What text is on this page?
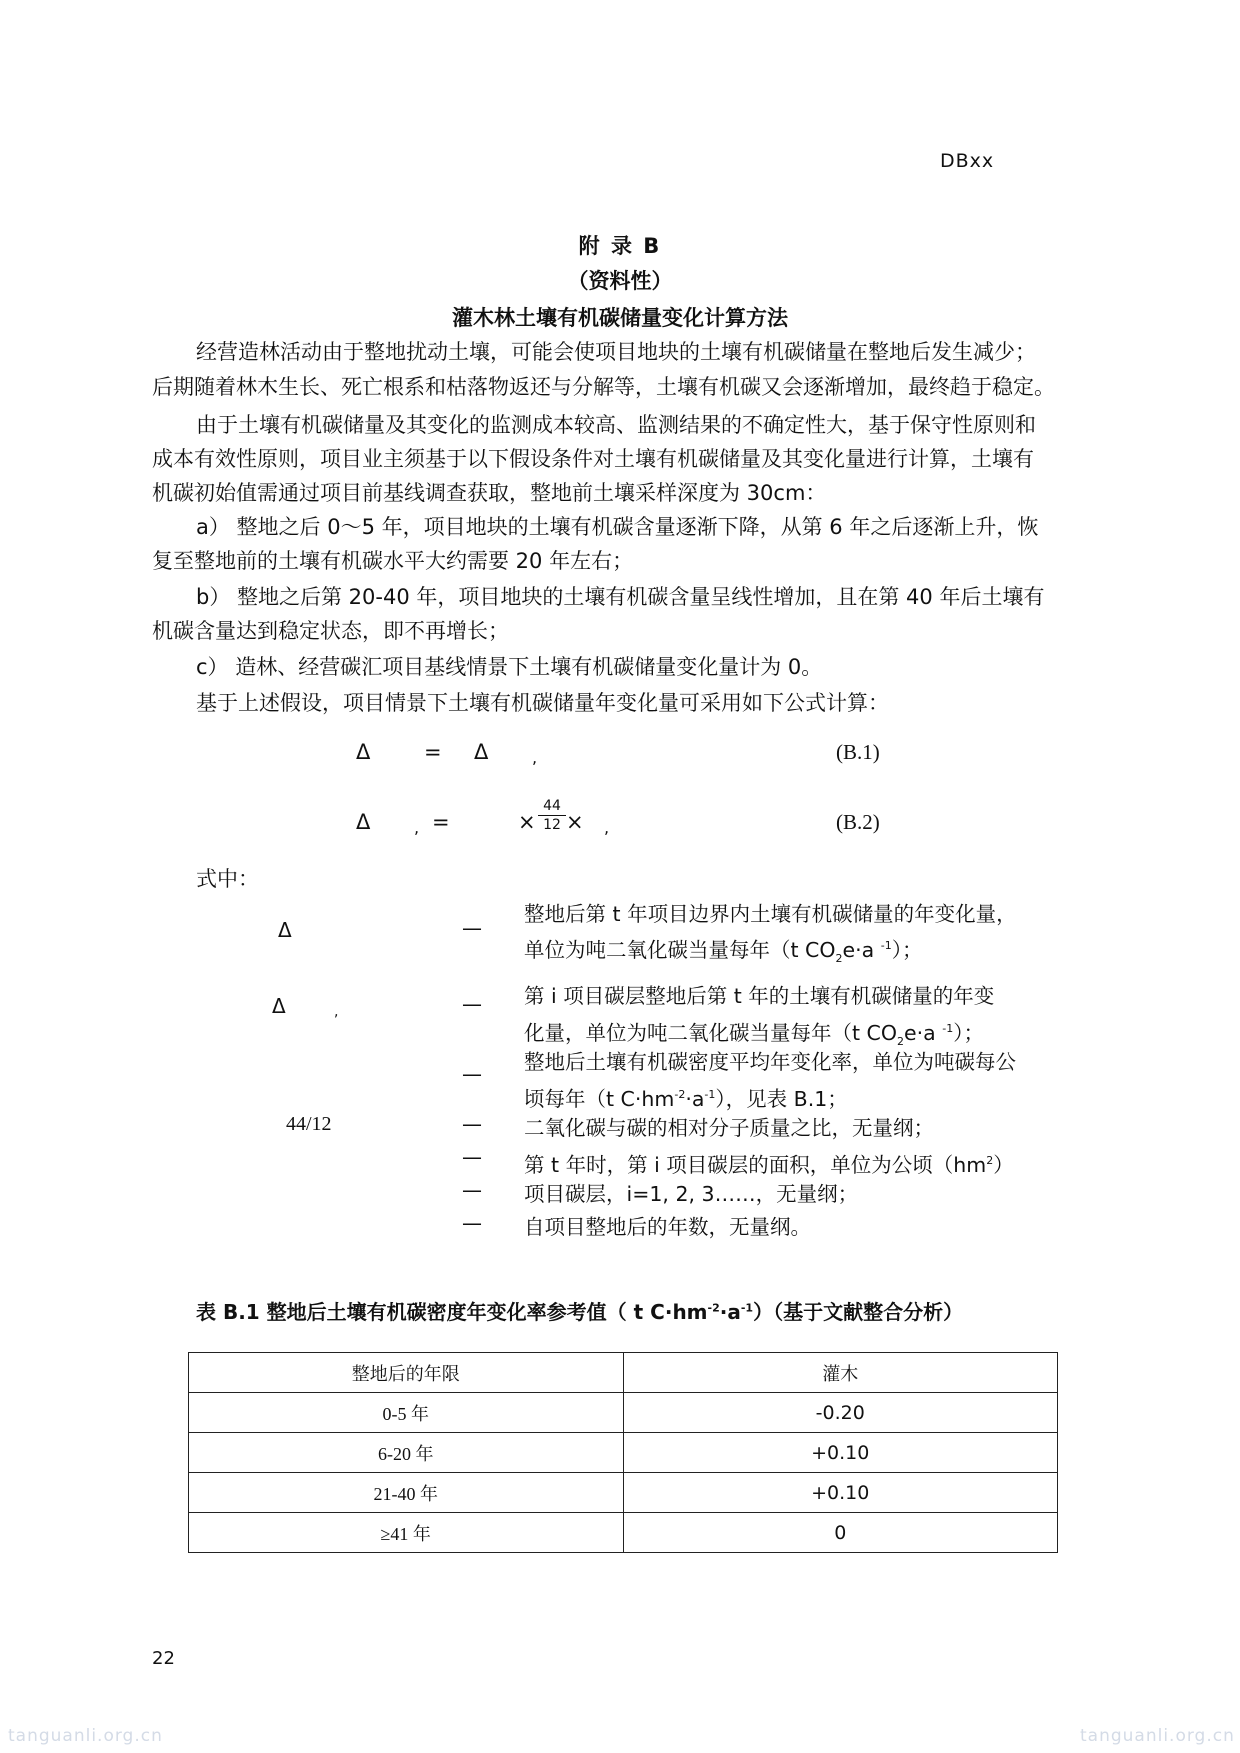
DBxx
附 录 B
（资料性）
灌木林土壤有机碳储量变化计算方法
经营造林活动由于整地扰动土壤，可能会使项目地块的土壤有机碳储量在整地后发生减少；
后期随着林木生长、死亡根系和枯落物返还与分解等，土壤有机碳又会逐渐增加，最终趋于稳定。
由于土壤有机碳储量及其变化的监测成本较高、监测结果的不确定性大，基于保守性原则和
成本有效性原则，项目业主须基于以下假设条件对土壤有机碳储量及其变化量进行计算，土壤有
机碳初始值需通过项目前基线调查获取，整地前土壤采样深度为 30cm：
a） 整地之后 0～5 年，项目地块的土壤有机碳含量逐渐下降，从第 6 年之后逐渐上升，恢
复至整地前的土壤有机碳水平大约需要 20 年左右；
b） 整地之后第 20-40 年，项目地块的土壤有机碳含量呈线性增加，且在第 40 年后土壤有
机碳含量达到稳定状态，即不再增长；
c） 造林、经营碳汇项目基线情景下土壤有机碳储量变化量计为 0。
基于上述假设，项目情景下土壤有机碳储量年变化量可采用如下公式计算：
Δ	= Δ	,	(B.1)
Δ	, =	×
44
12 × ,	(B.2)
式中：
Δ	—
整地后第 t 年项目边界内土壤有机碳储量的年变化量，
单位为吨二氧化碳当量每年（t $CO_2e\cdot a$ $^{-1}$）；
Δ	,	— 第 i 项目碳层整地后第 t 年的土壤有机碳储量的年变
化量，单位为吨二氧化碳当量每年（t $CO_2e\cdot a$ $^{-1}$）；
— 整地后土壤有机碳密度平均年变化率，单位为吨碳每公
顷每年（t $C\cdot hm^{-2}\cdot a^{-1}$），见表 B.1；
44/12	— 二氧化碳与碳的相对分子质量之比，无量纲；
— 第 t 年时，第 i 项目碳层的面积，单位为公顷$(hm^2)$
— 项目碳层，i=1, 2, 3……，无量纲；
— 自项目整地后的年数，无量纲。
表 B.1 整地后土壤有机碳密度年变化率参考值（ t $C\cdot hm^{-2}\cdot a^{-1}$）（基于文献整合分析）
整地后的年限	灌木
0-5 年	-0.20
6-20 年	+0.10
21-40 年	+0.10
≥41 年	0
22
tanguanli.org.cn	tanguanli.org.cn
